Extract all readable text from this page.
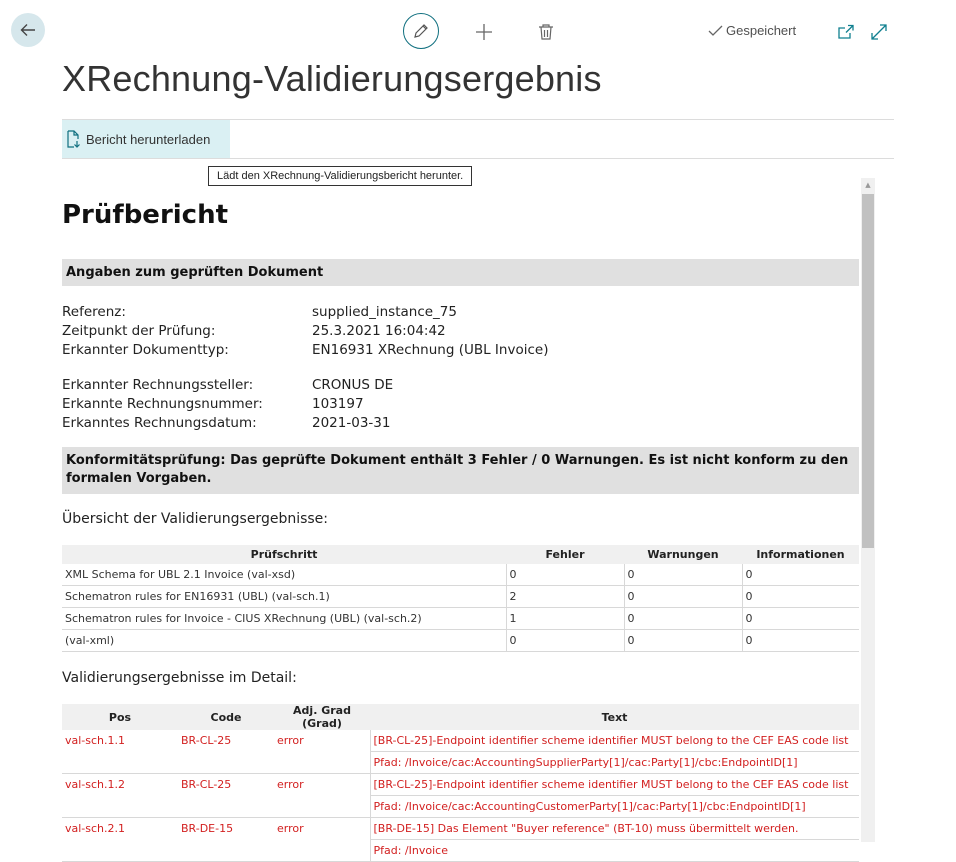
Gespeichert
XRechnung-Validierungsergebnis
Bericht herunterladen
Lädt den XRechnung-Validierungsbericht herunter.
▲
Prüfbericht
Angaben zum geprüften Dokument
Referenz:	supplied_instance_75
Zeitpunkt der Prüfung:	25.3.2021 16:04:42
Erkannter Dokumenttyp:	EN16931 XRechnung (UBL Invoice)
Erkannter Rechnungssteller:	CRONUS DE
Erkannte Rechnungsnummer:	103197
Erkanntes Rechnungsdatum:	2021-03-31
Konformitätsprüfung: Das geprüfte Dokument enthält 3 Fehler / 0 Warnungen. Es ist nicht konform zu den formalen Vorgaben.
Übersicht der Validierungsergebnisse:
Prüfschritt	Fehler	Warnungen	Informationen
XML Schema for UBL 2.1 Invoice (val-xsd)	0	0	0
Schematron rules for EN16931 (UBL) (val-sch.1)	2	0	0
Schematron rules for Invoice - CIUS XRechnung (UBL) (val-sch.2)	1	0	0
(val-xml)	0	0	0
Validierungsergebnisse im Detail:
Pos	Code	Adj. Grad (Grad)	Text
val-sch.1.1	BR-CL-25	error	[BR-CL-25]-Endpoint identifier scheme identifier MUST belong to the CEF EAS code list
			Pfad: /Invoice/cac:AccountingSupplierParty[1]/cac:Party[1]/cbc:EndpointID[1]
val-sch.1.2	BR-CL-25	error	[BR-CL-25]-Endpoint identifier scheme identifier MUST belong to the CEF EAS code list
			Pfad: /Invoice/cac:AccountingCustomerParty[1]/cac:Party[1]/cbc:EndpointID[1]
val-sch.2.1	BR-DE-15	error	[BR-DE-15] Das Element "Buyer reference" (BT-10) muss übermittelt werden.
			Pfad: /Invoice
